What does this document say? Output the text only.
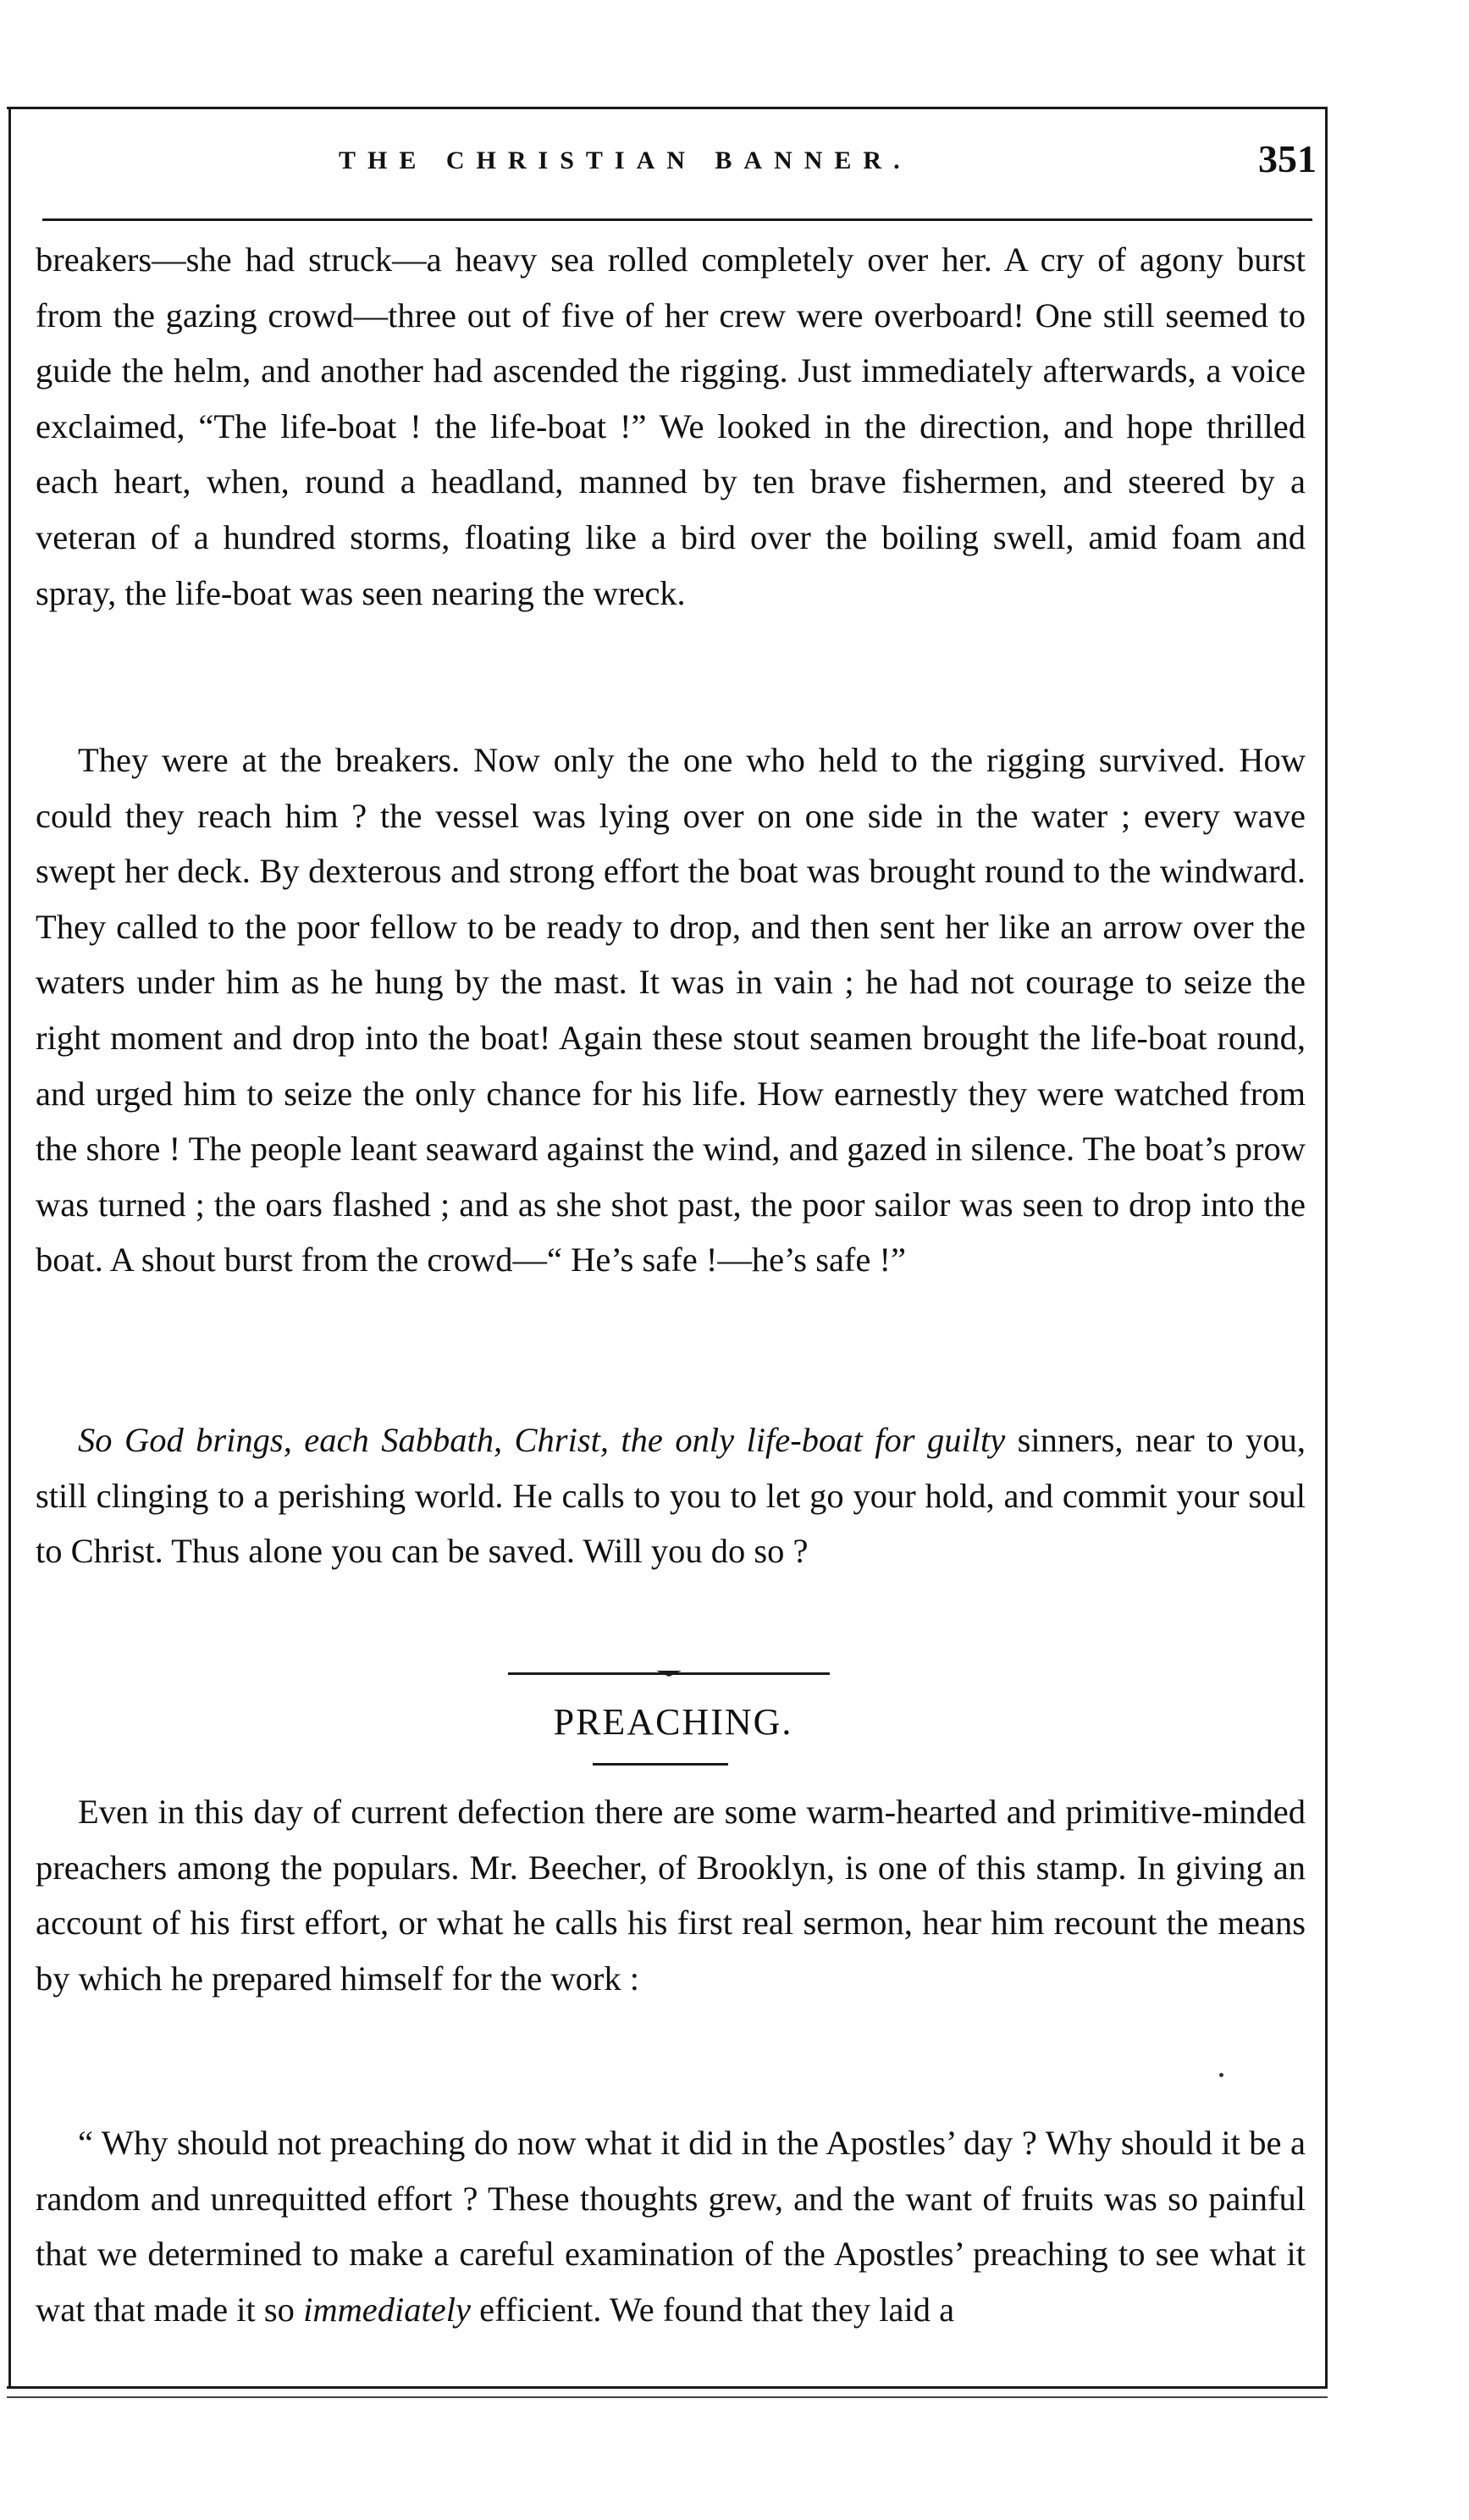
THE CHRISTIAN BANNER.	351

breakers—she had struck—a heavy sea rolled completely over her. A cry of agony burst from the gazing crowd—three out of five of her crew were overboard! One still seemed to guide the helm, and another had ascended the rigging. Just immediately afterwards, a voice exclaimed, “The life-boat ! the life-boat !” We looked in the direction, and hope thrilled each heart, when, round a headland, manned by ten brave fishermen, and steered by a veteran of a hundred storms, floating like a bird over the boiling swell, amid foam and spray, the life-boat was seen nearing the wreck.

They were at the breakers. Now only the one who held to the rigging survived. How could they reach him ? the vessel was lying over on one side in the water ; every wave swept her deck. By dexterous and strong effort the boat was brought round to the windward. They called to the poor fellow to be ready to drop, and then sent her like an arrow over the waters under him as he hung by the mast. It was in vain ; he had not courage to seize the right moment and drop into the boat! Again these stout seamen brought the life-boat round, and urged him to seize the only chance for his life. How earnestly they were watched from the shore ! The people leant seaward against the wind, and gazed in silence. The boat’s prow was turned ; the oars flashed ; and as she shot past, the poor sailor was seen to drop into the boat. A shout burst from the crowd—“ He’s safe !—he’s safe !”

So God brings, each Sabbath, Christ, the only life-boat for guilty sinners, near to you, still clinging to a perishing world. He calls to you to let go your hold, and commit your soul to Christ. Thus alone you can be saved. Will you do so ?

PREACHING.

Even in this day of current defection there are some warm-hearted and primitive-minded preachers among the populars. Mr. Beecher, of Brooklyn, is one of this stamp. In giving an account of his first effort, or what he calls his first real sermon, hear him recount the means by which he prepared himself for the work :

“ Why should not preaching do now what it did in the Apostles’ day ? Why should it be a random and unrequitted effort ? These thoughts grew, and the want of fruits was so painful that we determined to make a careful examination of the Apostles’ preaching to see what it wat that made it so immediately efficient. We found that they laid a
